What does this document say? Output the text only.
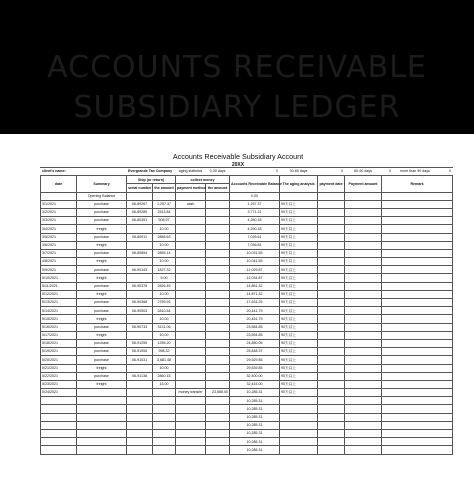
ACCOUNTS RECEIVABLE
SUBSIDIARY LEDGER
Accounts Receivable Subsidiary Account
20XX
client's name:		Evergrande Tax Company		aging statistics	0-30 days	0	30-60 days	0	60-90 days	0	more than 90 days	0
date	Summary	Ship (or return)		collect money		Accounts Receivable Balance	The aging analysis	payment date	Payment amount	Remark		
		serial number	the amount	payment method	the amount							
	Opening Balance					0.00						
3/1/2021	purchase	06-89267	1,257.37	cash		1,257.37	90天以上					
3/2/2021	purchase	06-89289	2513.84			3,771.21	90天以上					
3/3/2021	purchase	06-80351	508.97			4,280.18	90天以上					
3/4/2021	freight		10.00			4,290.18	90天以上					
3/5/2021	purchase	06-80911	2885.63			7,026.61	90天以上					
3/6/2021	freight		10.00			7,036.81	90天以上					
3/7/2021	purchase	06-80894	2855.14			10,031.55	90天以上					
4/8/2021	freight		10.00			10,041.55	90天以上					
5/9/2021	purchase	06-90143	1827.32			12,029.87	90天以上					
5/10/2021	freight		5.00			12,034.87	90天以上					
5/11/2021	purchase	06-90378	2826.45			14,861.32	90天以上					
5/12/2021	freight		10.00			14,871.32	90天以上					
5/13/2021	purchase	06-90368	2759.93			17,631.25	90天以上					
5/14/2021	purchase	06-90503	2810.54			20,441.79	90天以上					
5/15/2021	freight		10.00			20,451.79	90天以上					
5/16/2021	purchase	06-90733	3131.06			23,584.85	90天以上					
5/17/2021	freight		10.00			23,594.85	90天以上					
5/18/2021	purchase	06-91259	1255.20			24,850.05	90天以上					
5/19/2021	purchase	06-91006	998.32			25,848.37	90天以上					
5/20/2021	purchase	06-91031	3,681.48			29,529.85	90天以上					
5/21/2021	freight		10.00			29,539.85	90天以上					
5/22/2021	purchase	06-91138	2860.15			32,400.00	90天以上					
5/23/2021	freight		15.00			32,415.00	90天以上					
5/24/2021				money transfer	23,585.00	10,285.31	90天以上					
						10,285.31						
						10,285.31						
						10,285.31						
						10,285.31						
						10,285.31						
						10,285.31						
						10,285.31						
